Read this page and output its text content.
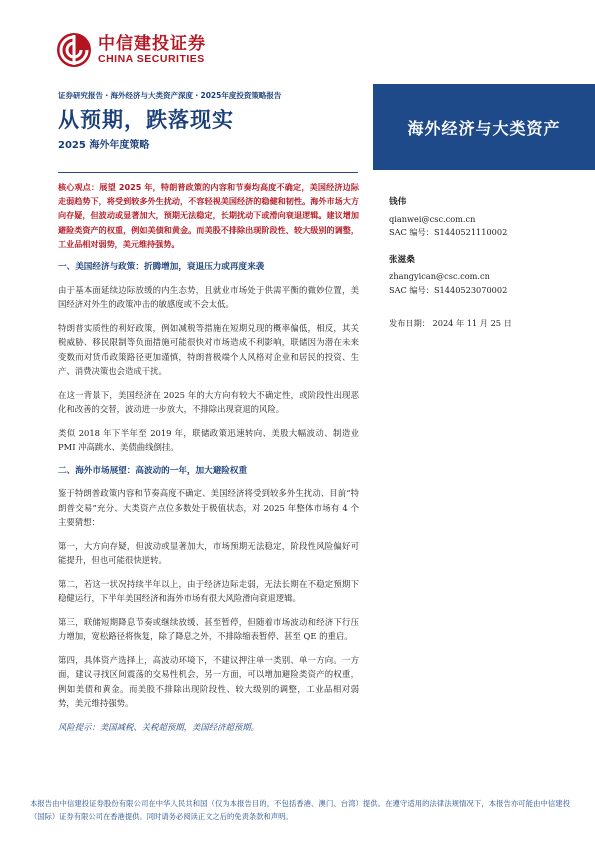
中信建投证券
CHINA SECURITIES
证券研究报告・海外经济与大类资产深度・2025年度投资策略报告
从预期，跌落现实
2025 海外年度策略
海外经济与大类资产

核心观点：展望 2025 年，特朗普政策的内容和节奏均高度不确定，美国经济边际走弱趋势下，将受到较多外生扰动，不容轻视美国经济的稳健和韧性。海外市场大方向存疑，但波动或显著加大，预期无法稳定，长期扰动下或滑向衰退逻辑。建议增加避险类资产的权重，例如美债和黄金。而美股不排除出现阶段性、较大级别的调整，工业品相对弱势，美元维持强势。

一、美国经济与政策：折腾增加，衰退压力或再度来袭

由于基本面延续边际放缓的内生态势，且就业市场处于供需平衡的微妙位置，美国经济对外生的政策冲击的敏感度或不会太低。

特朗普实质性的利好政策，例如减税等措施在短期兑现的概率偏低，相反，其关税威胁、移民限制等负面措施可能很快对市场造成不利影响，联储因为潜在未来变数而对货币政策路径更加谨慎，特朗普极端个人风格对企业和居民的投资、生产、消费决策也会造成干扰。

在这一背景下，美国经济在 2025 年的大方向有较大不确定性，或阶段性出现恶化和改善的交替，波动进一步放大，不排除出现衰退的风险。

类似 2018 年下半年至 2019 年，联储政策迅速转向、美股大幅波动、制造业 PMI 冲高跳水、美债曲线倒挂。

二、海外市场展望：高波动的一年，加大避险权重

鉴于特朗普政策内容和节奏高度不确定、美国经济将受到较多外生扰动、目前“特朗普交易”充分、大类资产点位多数处于极值状态，对 2025 年整体市场有 4 个主要猜想：

第一，大方向存疑，但波动或显著加大，市场预期无法稳定，阶段性风险偏好可能提升，但也可能很快逆转。

第二，若这一状况持续半年以上，由于经济边际走弱，无法长期在不稳定预期下稳健运行，下半年美国经济和海外市场有很大风险滑向衰退逻辑。

第三，联储短期降息节奏或继续放缓、甚至暂停，但随着市场波动和经济下行压力增加，宽松路径将恢复，除了降息之外，不排除缩表暂停、甚至 QE 的重启。

第四，具体资产选择上，高波动环境下，不建议押注单一类别、单一方向。一方面，建议寻找区间震荡的交易性机会，另一方面，可以增加避险类资产的权重，例如美债和黄金。而美股不排除出现阶段性、较大级别的调整，工业品相对弱势，美元维持强势。

风险提示：美国减税、关税超预期，美国经济超预期。

钱伟
qianwei@csc.com.cn
SAC 编号：S1440521110002
张滋桑
zhangyican@csc.com.cn
SAC 编号：S1440523070002
发布日期： 2024 年 11 月 25 日
本报告由中信建投证券股份有限公司在中华人民共和国（仅为本报告目的，不包括香港、澳门、台湾）提供。在遵守适用的法律法规情况下，本报告亦可能由中信建投（国际）证券有限公司在香港提供。同时请务必阅读正文之后的免责条款和声明。
